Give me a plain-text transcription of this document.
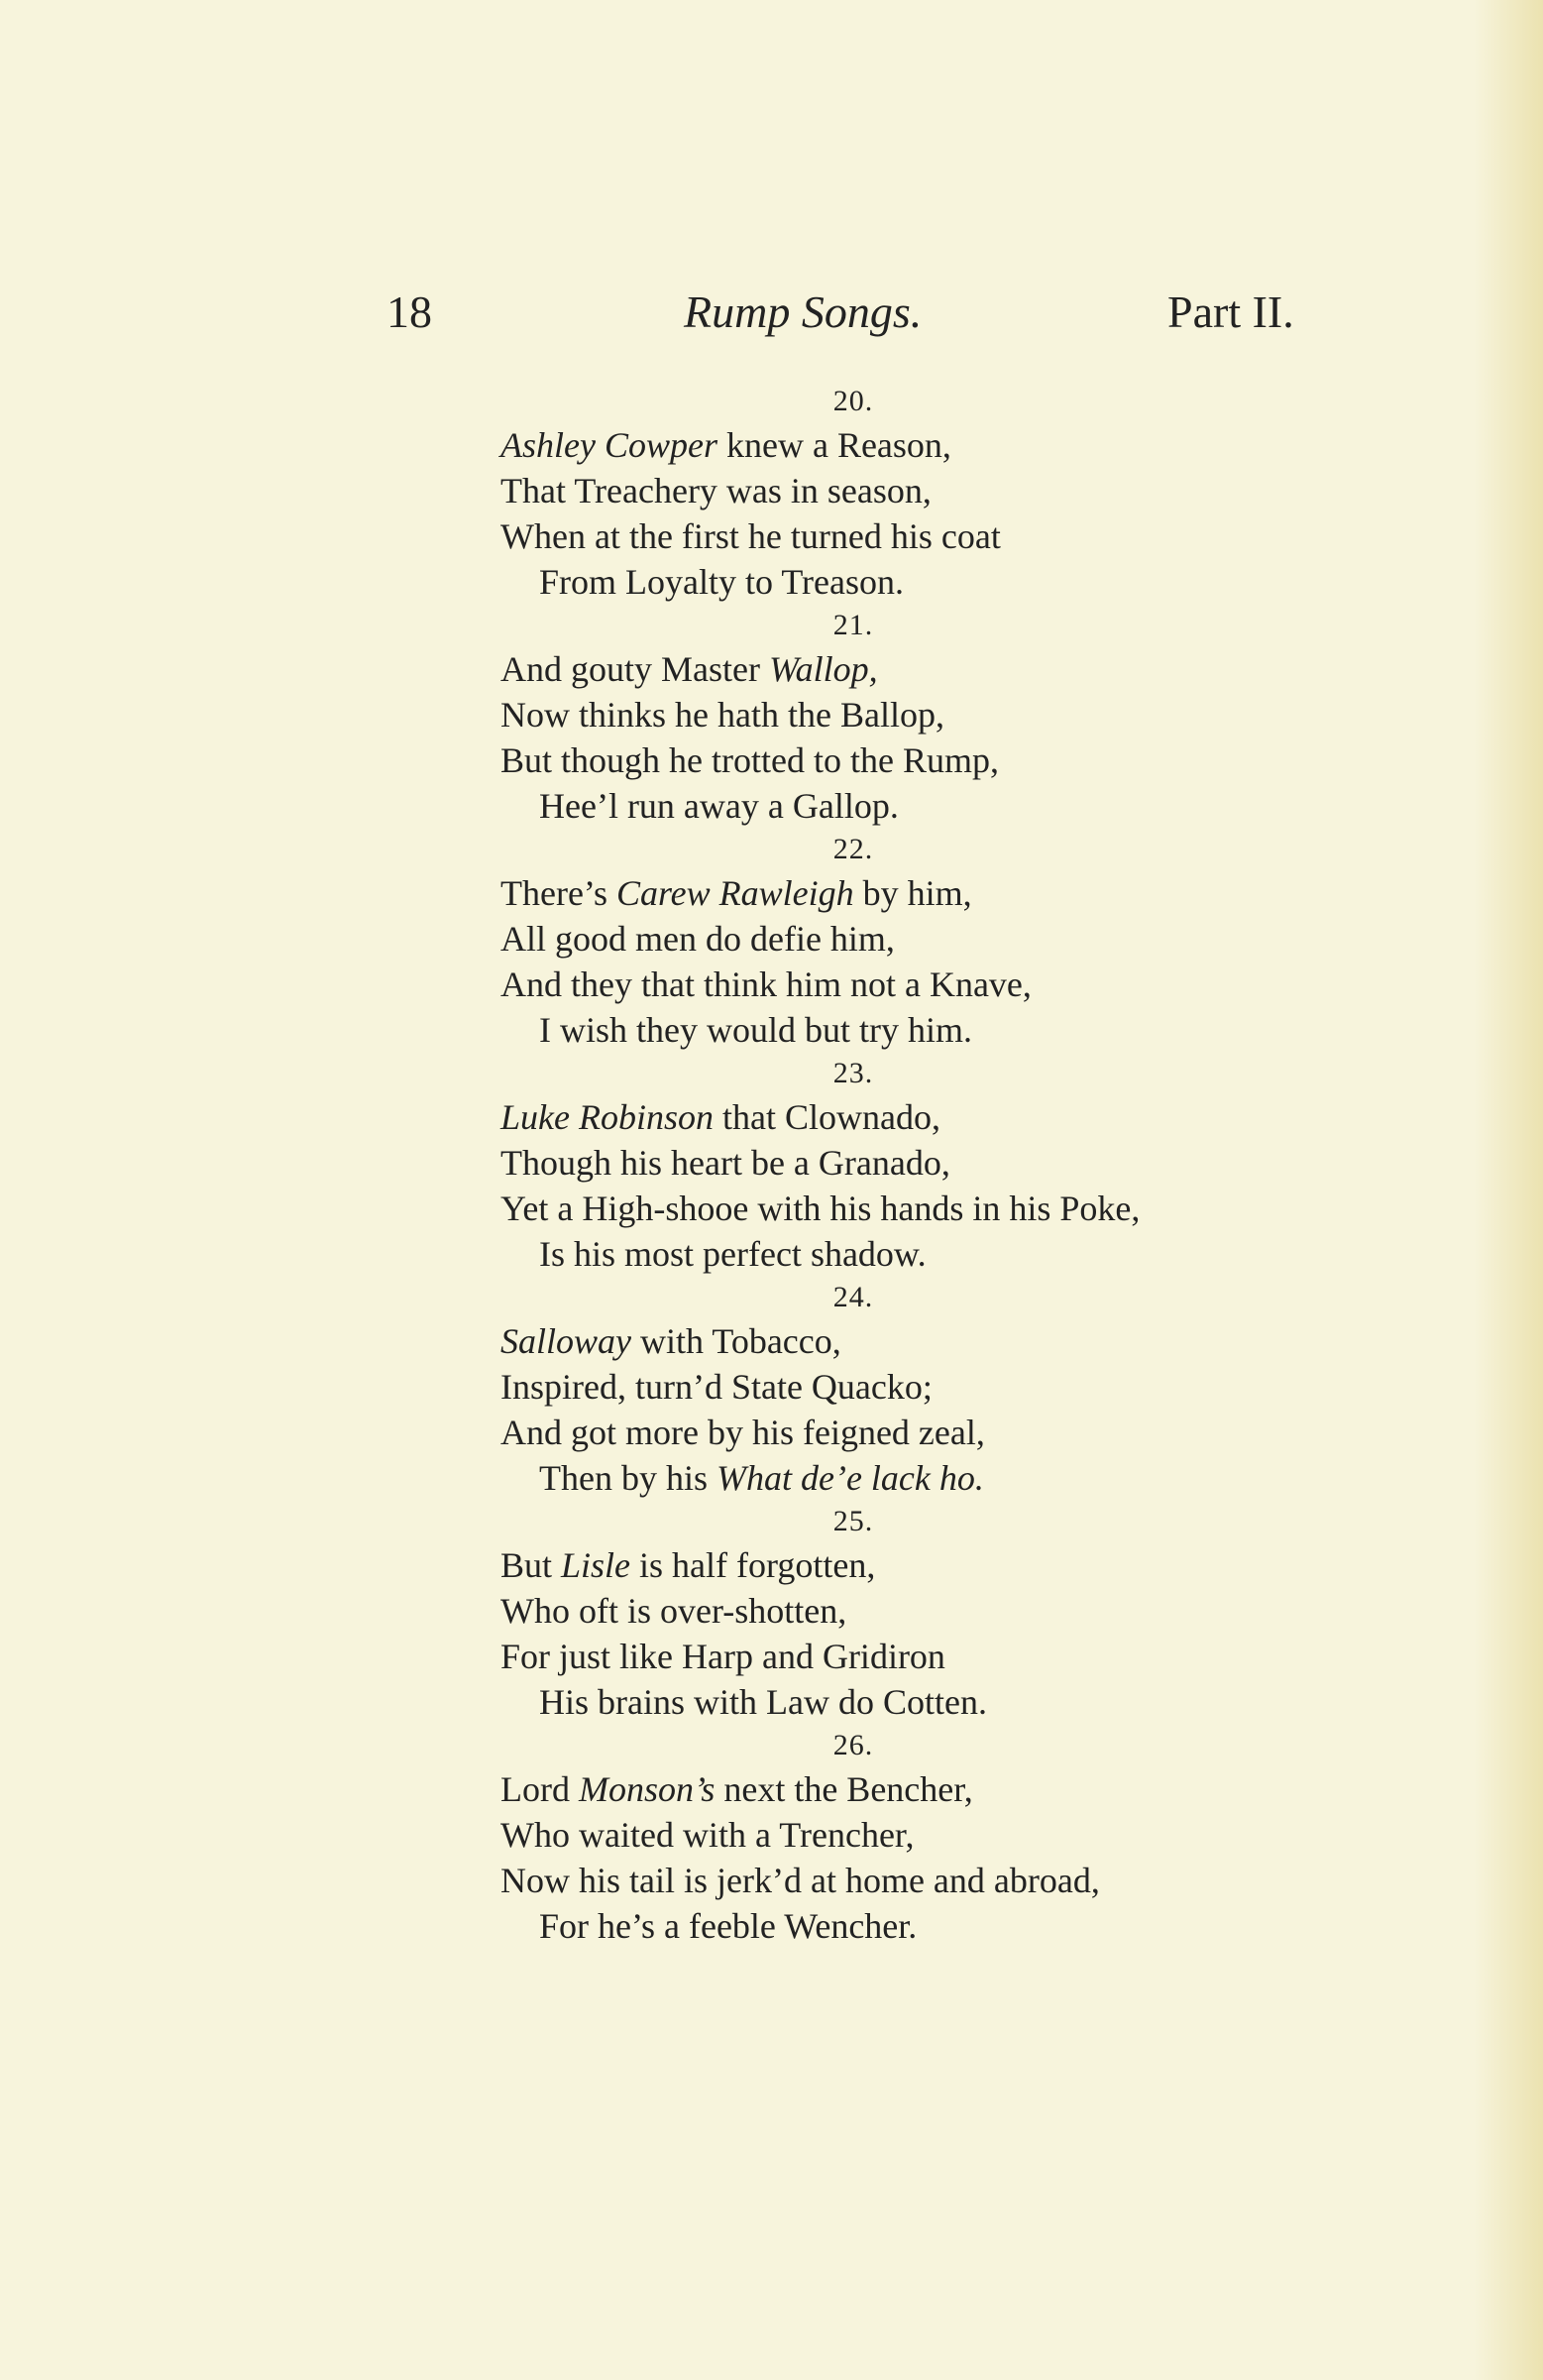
18	Rump Songs.	Part II.
20.
Ashley Cowper knew a Reason,
That Treachery was in season,
When at the first he turned his coat
From Loyalty to Treason.
21.
And gouty Master Wallop,
Now thinks he hath the Ballop,
But though he trotted to the Rump,
Hee’l run away a Gallop.
22.
There’s Carew Rawleigh by him,
All good men do defie him,
And they that think him not a Knave,
I wish they would but try him.
23.
Luke Robinson that Clownado,
Though his heart be a Granado,
Yet a High-shooe with his hands in his Poke,
Is his most perfect shadow.
24.
Salloway with Tobacco,
Inspired, turn’d State Quacko;
And got more by his feigned zeal,
Then by his What de’e lack ho.
25.
But Lisle is half forgotten,
Who oft is over-shotten,
For just like Harp and Gridiron
His brains with Law do Cotten.
26.
Lord Monson’s next the Bencher,
Who waited with a Trencher,
Now his tail is jerk’d at home and abroad,
For he’s a feeble Wencher.
